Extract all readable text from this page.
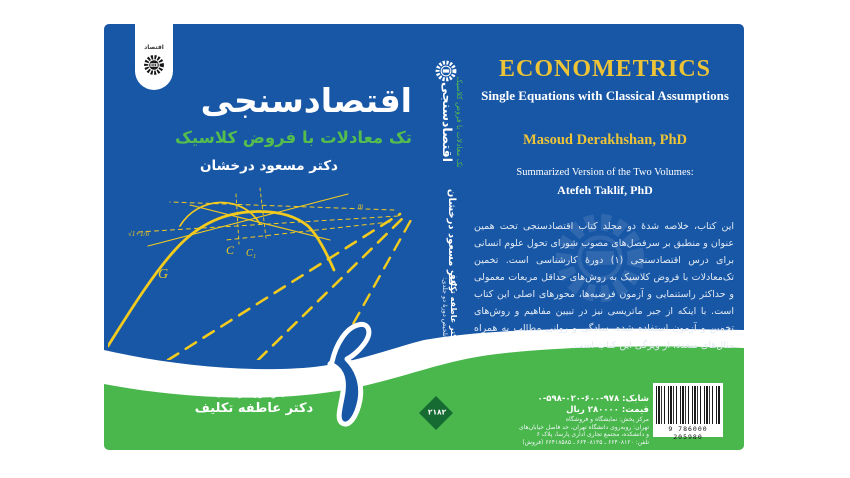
C C₁
G
√1+1/n
m
اقتصاد
اقتصادسنجی
تک معادلات با فروض کلاسیک
دکتر مسعود درخشان
تلخیص دورهٔ دو جلدی:
دکتر عاطفه تکلیف
تک معادلات با فروض کلاسیک
اقتصادسنجی
دکتر مسعود درخشان
دکتر عاطفه تکلیف
تلخیص دورهٔ دو جلدی:
۲۱۸۲
ECONOMETRICS
Single Equations with Classical Assumptions
Masoud Derakhshan, PhD
Summarized Version of the Two Volumes:
Atefeh Taklif, PhD
این کتاب، خلاصه شدهٔ دو مجلد کتاب اقتصادسنجی تحت همین عنوان و منطبق بر سرفصل‌های مصوب شورای تحول علوم انسانی برای درس اقتصادسنجی (۱) دورهٔ کارشناسی است. تخمین تک‌معادلات با فروض کلاسیک به روش‌های حداقل مربعات معمولی و حداکثر راستنمایی و آزمون فرضیه‌ها، محورهای اصلی این کتاب است. با اینکه از جبر ماتریسی نیز در تبیین مفاهیم و روش‌های تخمین و آزمون استفاده شده، سادگی و روانی مطالب به همراه مثال‌های متعدد، از ویژگی این کتاب است.
شابک: ۹۷۸-۶۰۰-۰۲۰-۵۹۸-۰
قیمت: ۲۸۰۰۰۰ ریال
مرکز پخش: نمایشگاه و فروشگاه
تهران: روبه‌روی دانشگاه تهران، حد فاصل خیابان‌های
و دانشکده، مجتمع تجاری اداری پارسا، پلاک ۶
تلفن: ۶۶۴۰۸۱۲۰ ـ ۶۶۴۰۸۱۳۵ ـ ۶۶۴۱۸۵۸۵ (فروش)
9 786000 205980
